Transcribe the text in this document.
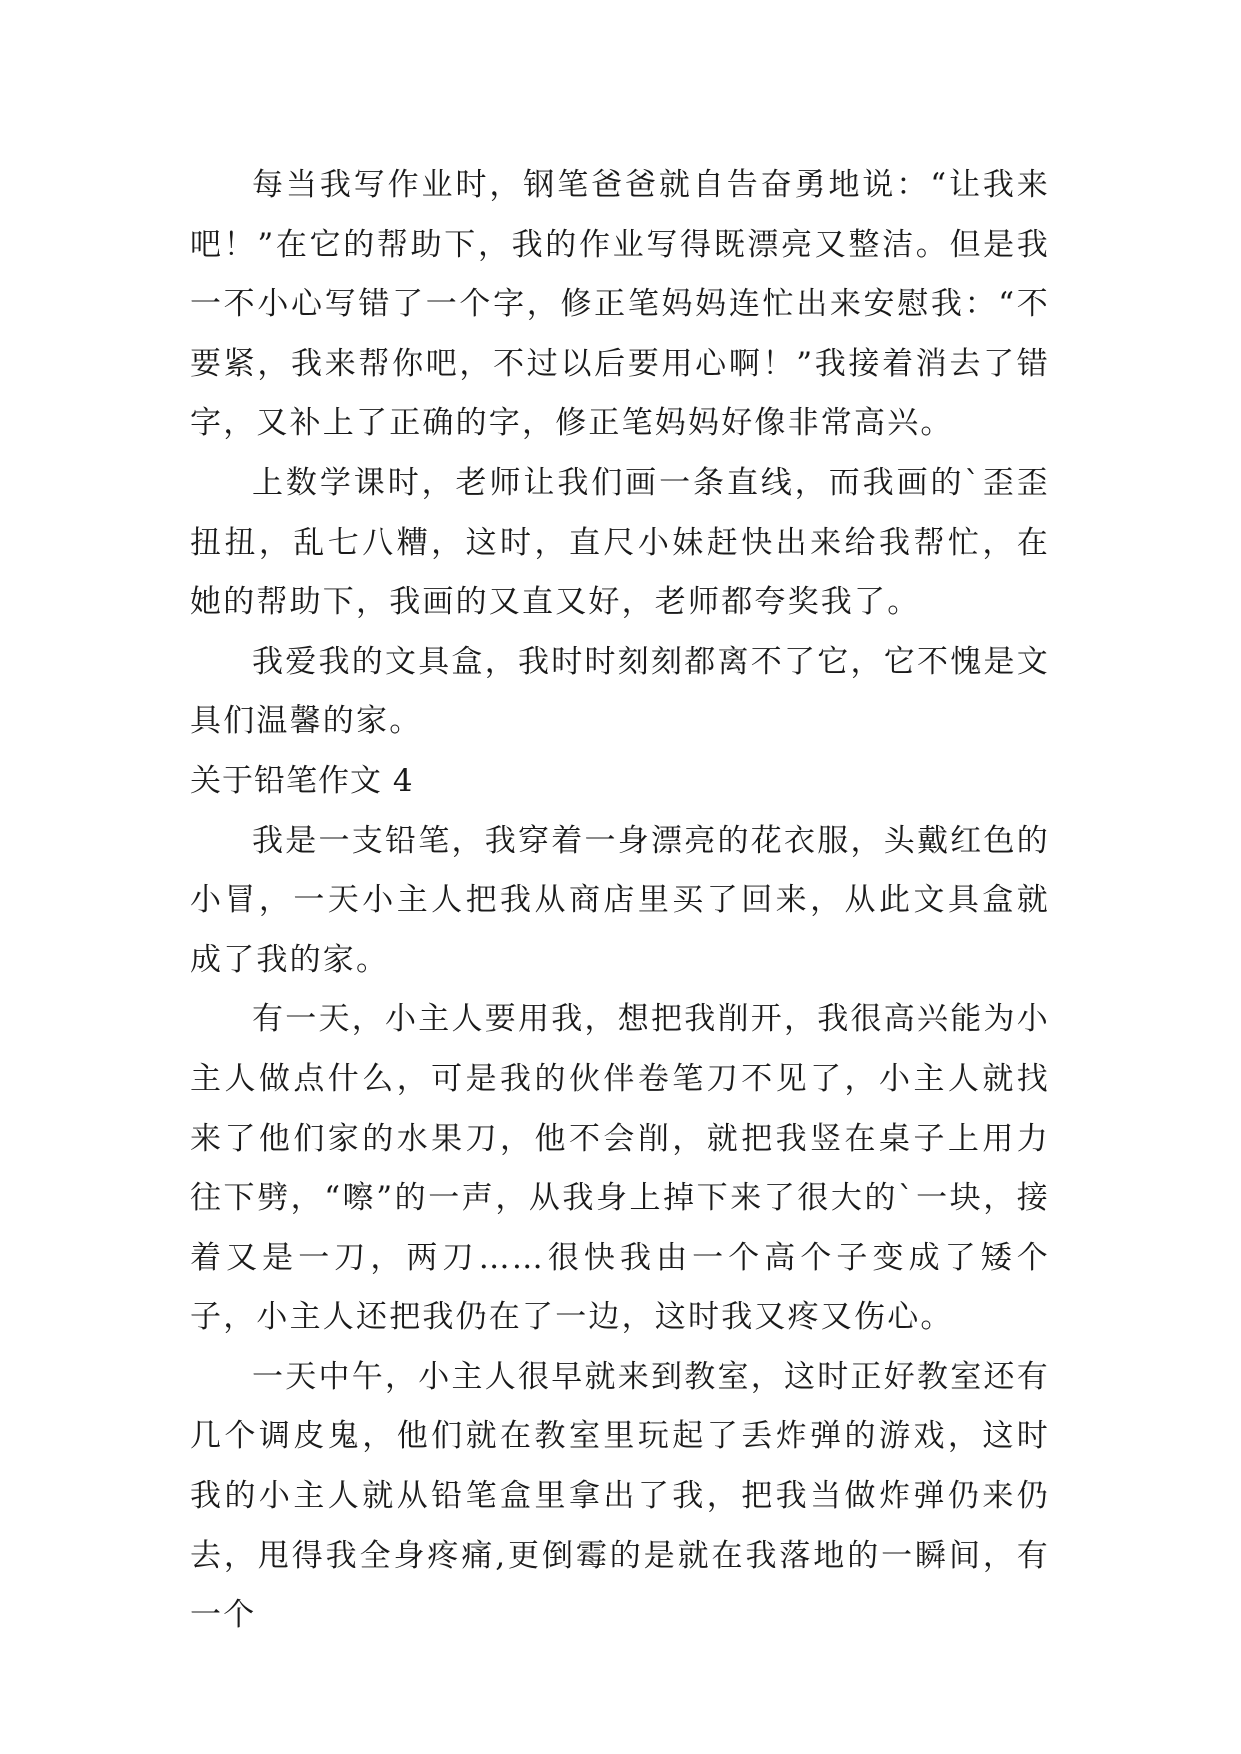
每当我写作业时，钢笔爸爸就自告奋勇地说：“让我来吧！”在它的帮助下，我的作业写得既漂亮又整洁。但是我一不小心写错了一个字，修正笔妈妈连忙出来安慰我：“不要紧，我来帮你吧，不过以后要用心啊！”我接着消去了错字，又补上了正确的字，修正笔妈妈好像非常高兴。

上数学课时，老师让我们画一条直线，而我画的`歪歪扭扭，乱七八糟，这时，直尺小妹赶快出来给我帮忙，在她的帮助下，我画的又直又好，老师都夸奖我了。

我爱我的文具盒，我时时刻刻都离不了它，它不愧是文具们温馨的家。

关于铅笔作文 4

我是一支铅笔，我穿着一身漂亮的花衣服，头戴红色的小冒，一天小主人把我从商店里买了回来，从此文具盒就成了我的家。

有一天，小主人要用我，想把我削开，我很高兴能为小主人做点什么，可是我的伙伴卷笔刀不见了，小主人就找来了他们家的水果刀，他不会削，就把我竖在桌子上用力往下劈，“嚓”的一声，从我身上掉下来了很大的`一块，接着又是一刀，两刀……很快我由一个高个子变成了矮个子，小主人还把我仍在了一边，这时我又疼又伤心。

一天中午，小主人很早就来到教室，这时正好教室还有几个调皮鬼，他们就在教室里玩起了丢炸弹的游戏，这时我的小主人就从铅笔盒里拿出了我，把我当做炸弹仍来仍去，甩得我全身疼痛,更倒霉的是就在我落地的一瞬间，有一个
